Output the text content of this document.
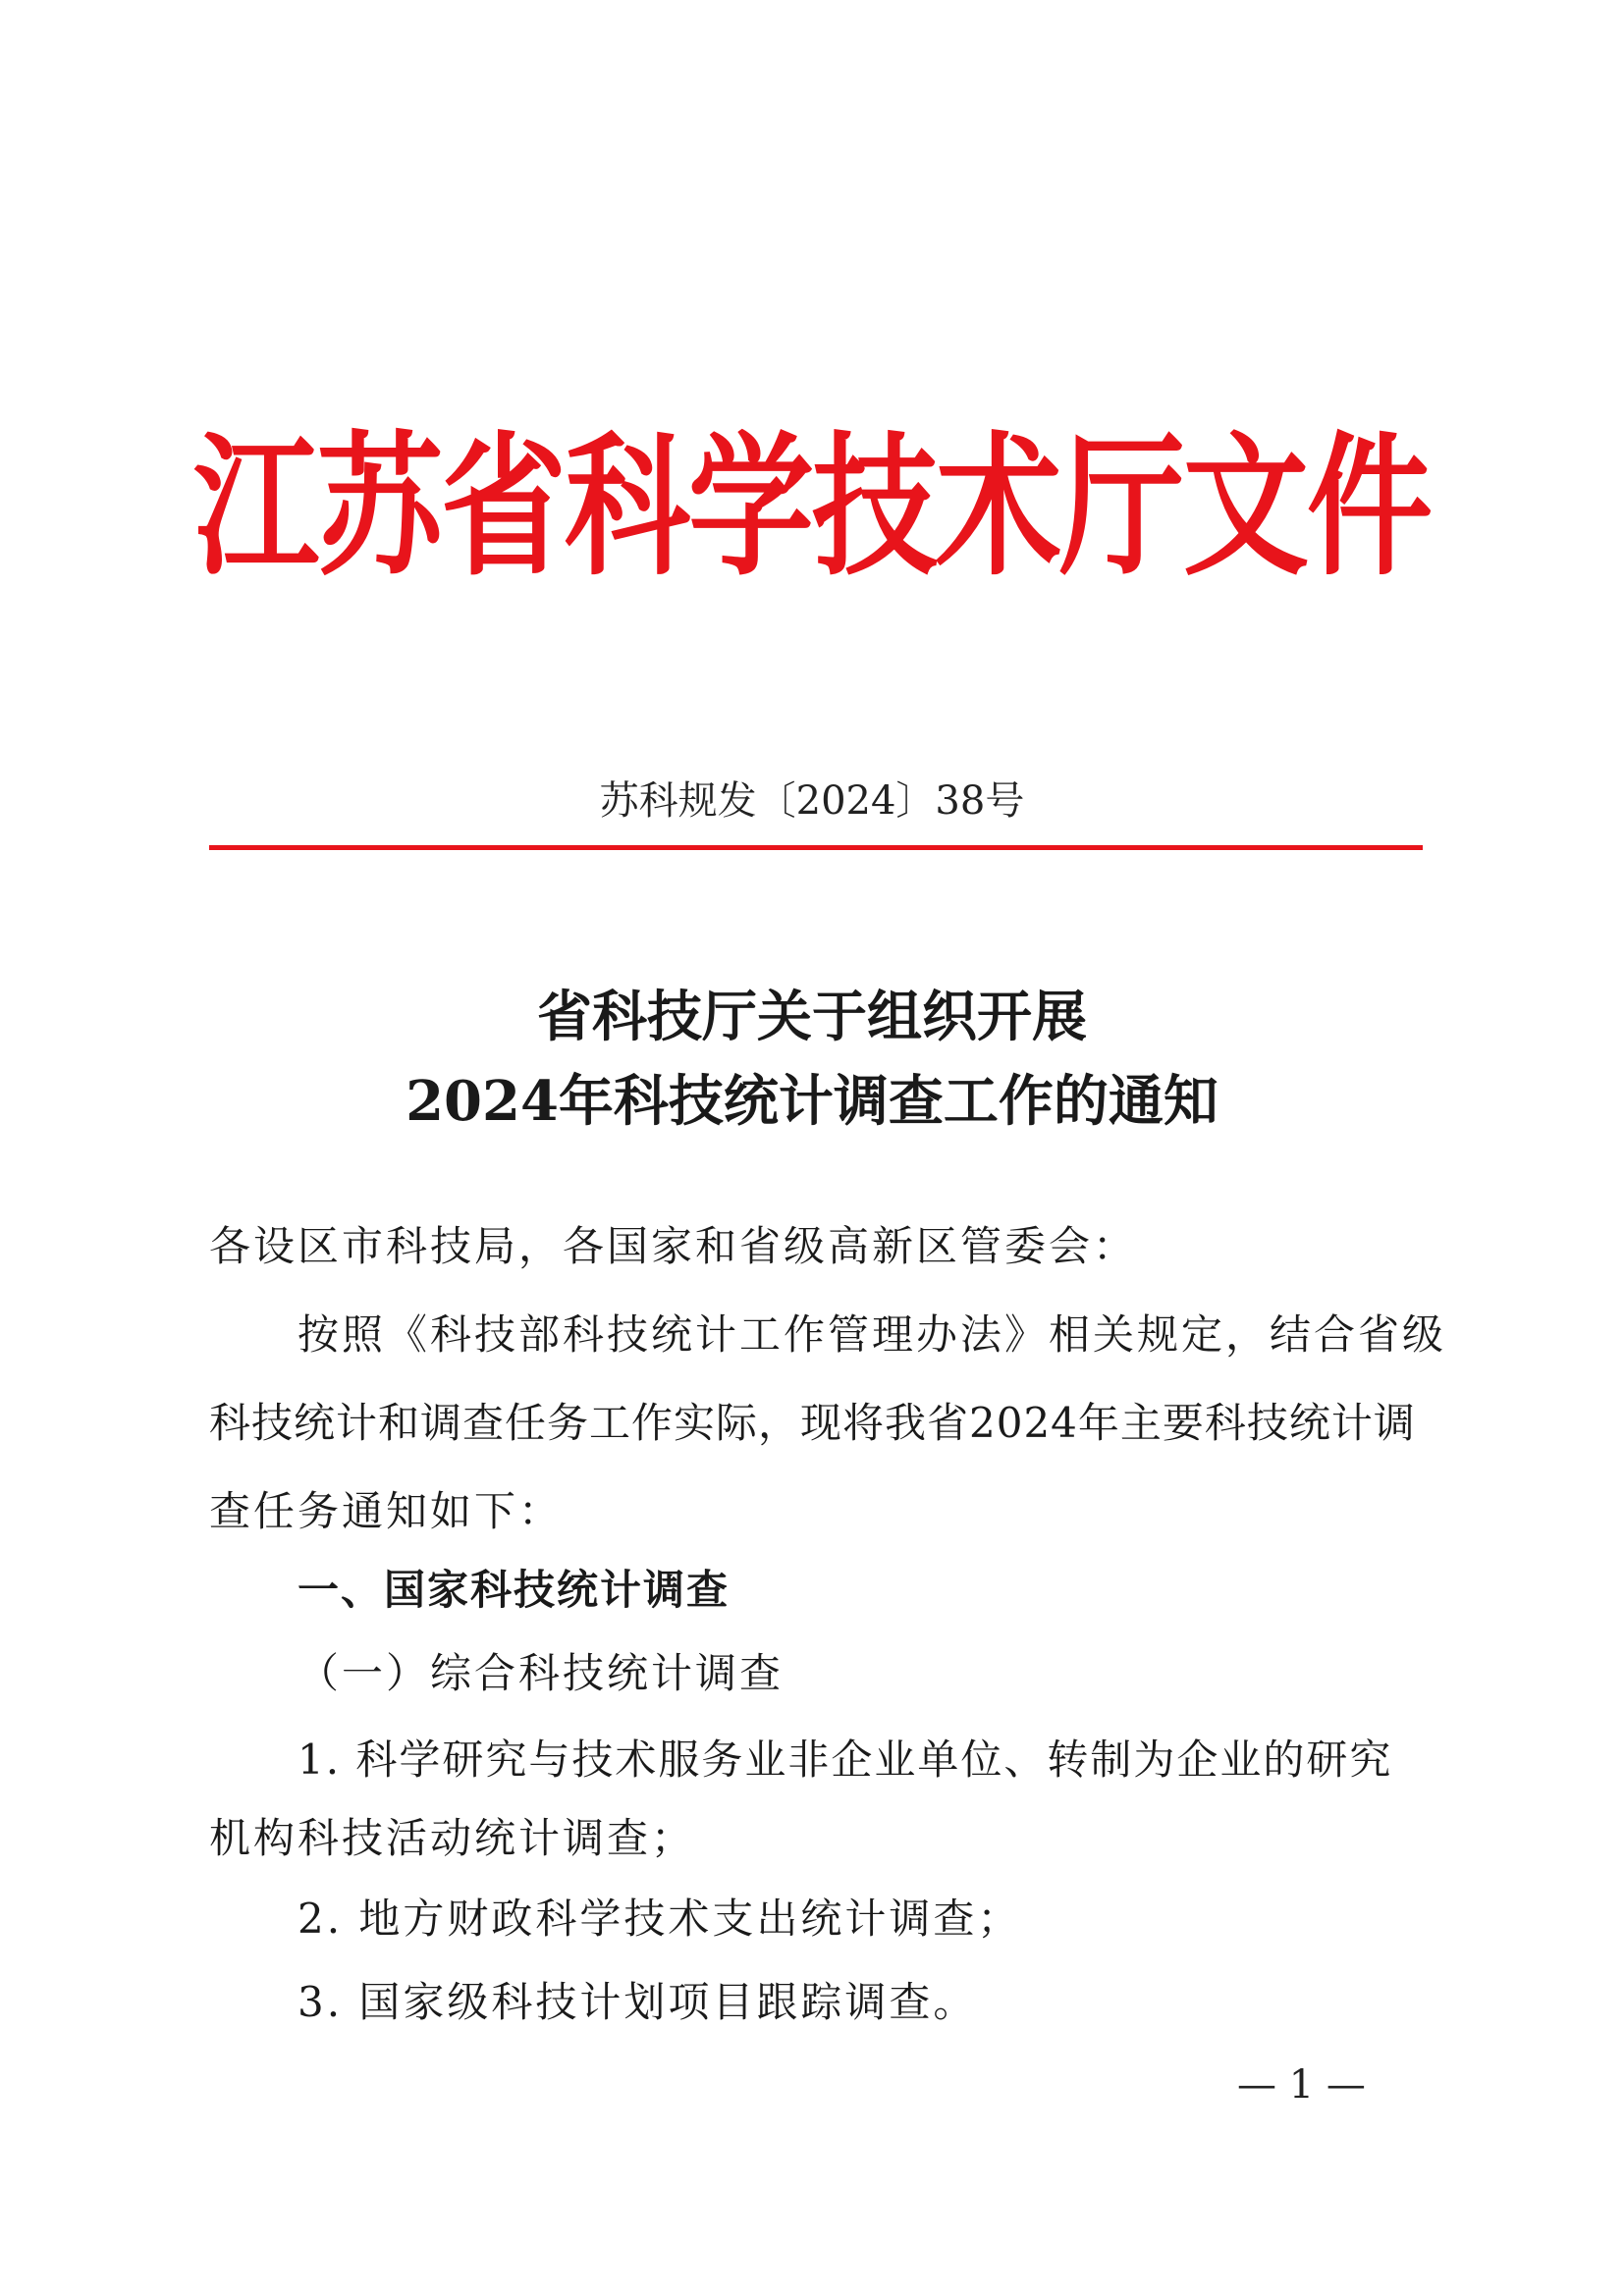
江苏省科学技术厅文件
苏科规发〔2024〕38号
省科技厅关于组织开展
2024年科技统计调查工作的通知
各设区市科技局，各国家和省级高新区管委会：
按照《科技部科技统计工作管理办法》相关规定，结合省级
科技统计和调查任务工作实际，现将我省2024年主要科技统计调
查任务通知如下：
一、国家科技统计调查
（一）综合科技统计调查
1. 科学研究与技术服务业非企业单位、转制为企业的研究
机构科技活动统计调查；
2. 地方财政科学技术支出统计调查；
3. 国家级科技计划项目跟踪调查。
— 1 —
